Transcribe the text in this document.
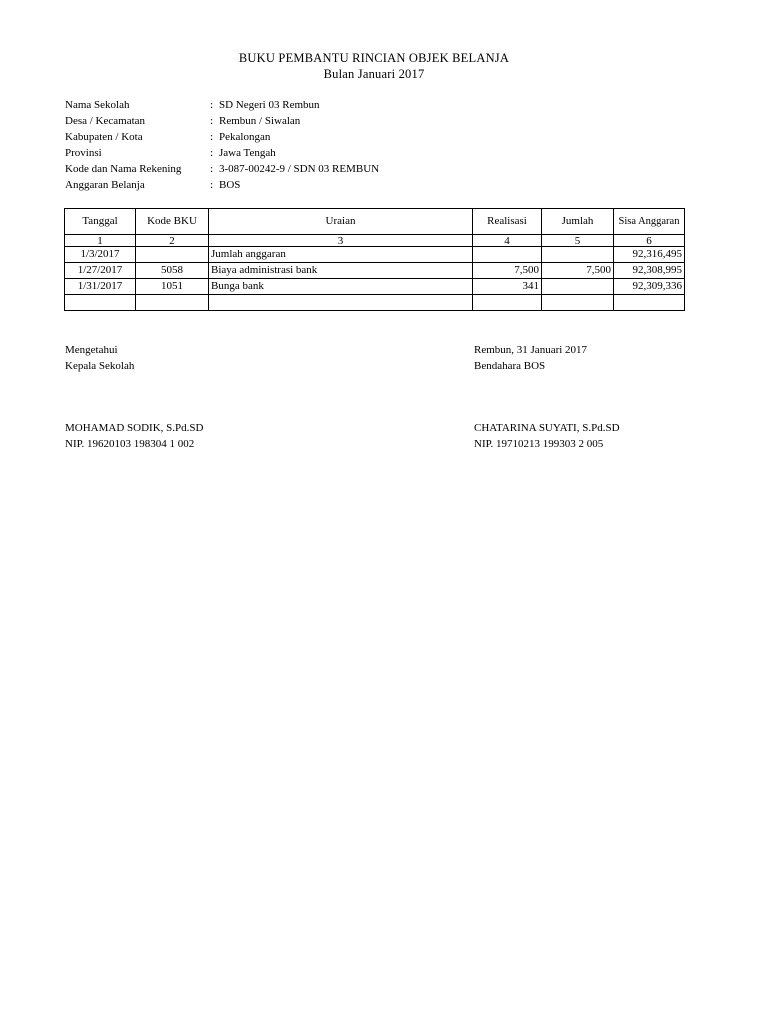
BUKU PEMBANTU RINCIAN OBJEK BELANJA
Bulan Januari 2017
Nama Sekolah	: SD Negeri 03 Rembun
Desa / Kecamatan	: Rembun / Siwalan
Kabupaten / Kota	: Pekalongan
Provinsi	: Jawa Tengah
Kode dan Nama Rekening	: 3-087-00242-9 / SDN 03 REMBUN
Anggaran Belanja	: BOS
Tanggal	Kode BKU	Uraian	Realisasi	Jumlah	Sisa Anggaran
1	2	3	4	5	6
1/3/2017		Jumlah anggaran			92,316,495
1/27/2017	5058	Biaya administrasi bank	7,500	7,500	92,308,995
1/31/2017	1051	Bunga bank	341		92,309,336

Mengetahui
Kepala Sekolah
MOHAMAD SODIK, S.Pd.SD
NIP. 19620103 198304 1 002
Rembun, 31 Januari 2017
Bendahara BOS
CHATARINA SUYATI, S.Pd.SD
NIP. 19710213 199303 2 005
